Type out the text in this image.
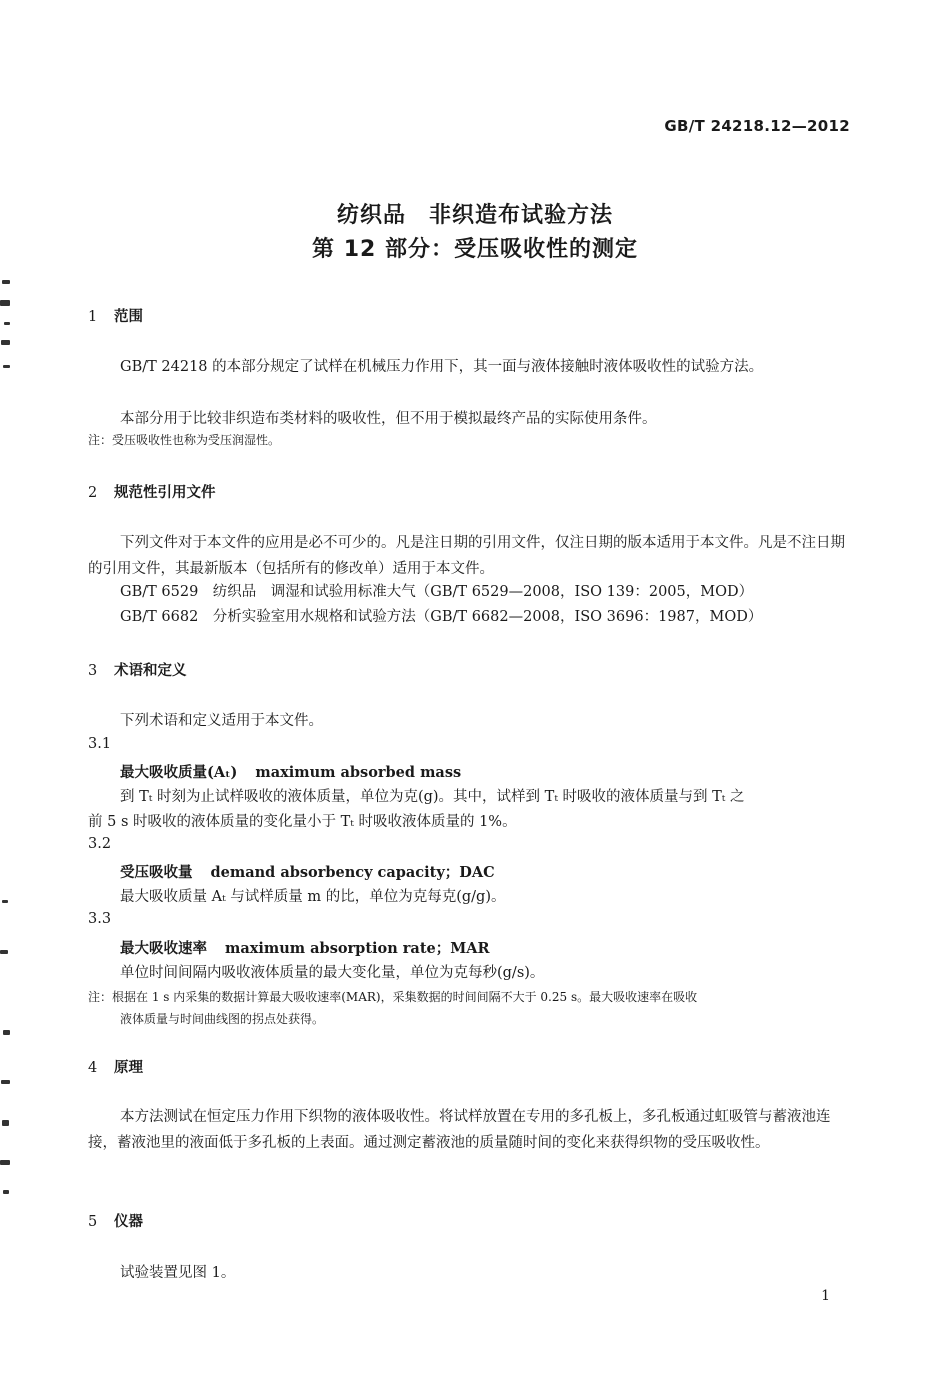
GB/T 24218.12—2012
纺织品　非织造布试验方法
第 12 部分：受压吸收性的测定
1 范围
GB/T 24218 的本部分规定了试样在机械压力作用下，其一面与液体接触时液体吸收性的试验方法。
本部分用于比较非织造布类材料的吸收性，但不用于模拟最终产品的实际使用条件。
注：受压吸收性也称为受压润湿性。
2 规范性引用文件
下列文件对于本文件的应用是必不可少的。凡是注日期的引用文件，仅注日期的版本适用于本文件。凡是不注日期的引用文件，其最新版本（包括所有的修改单）适用于本文件。
GB/T 6529　纺织品　调湿和试验用标准大气（GB/T 6529—2008，ISO 139：2005，MOD）
GB/T 6682　分析实验室用水规格和试验方法（GB/T 6682—2008，ISO 3696：1987，MOD）
3 术语和定义
下列术语和定义适用于本文件。
3.1
最大吸收质量(Aₜ) maximum absorbed mass
到 Tₜ 时刻为止试样吸收的液体质量，单位为克(g)。其中，试样到 Tₜ 时吸收的液体质量与到 Tₜ 之
前 5 s 时吸收的液体质量的变化量小于 Tₜ 时吸收液体质量的 1%。
3.2
受压吸收量 demand absorbency capacity；DAC
最大吸收质量 Aₜ 与试样质量 m 的比，单位为克每克(g/g)。
3.3
最大吸收速率 maximum absorption rate；MAR
单位时间间隔内吸收液体质量的最大变化量，单位为克每秒(g/s)。
注：根据在 1 s 内采集的数据计算最大吸收速率(MAR)，采集数据的时间间隔不大于 0.25 s。最大吸收速率在吸收
液体质量与时间曲线图的拐点处获得。
4 原理
本方法测试在恒定压力作用下织物的液体吸收性。将试样放置在专用的多孔板上，多孔板通过虹吸管与蓄液池连接，蓄液池里的液面低于多孔板的上表面。通过测定蓄液池的质量随时间的变化来获得织物的受压吸收性。
5 仪器
试验装置见图 1。
1
